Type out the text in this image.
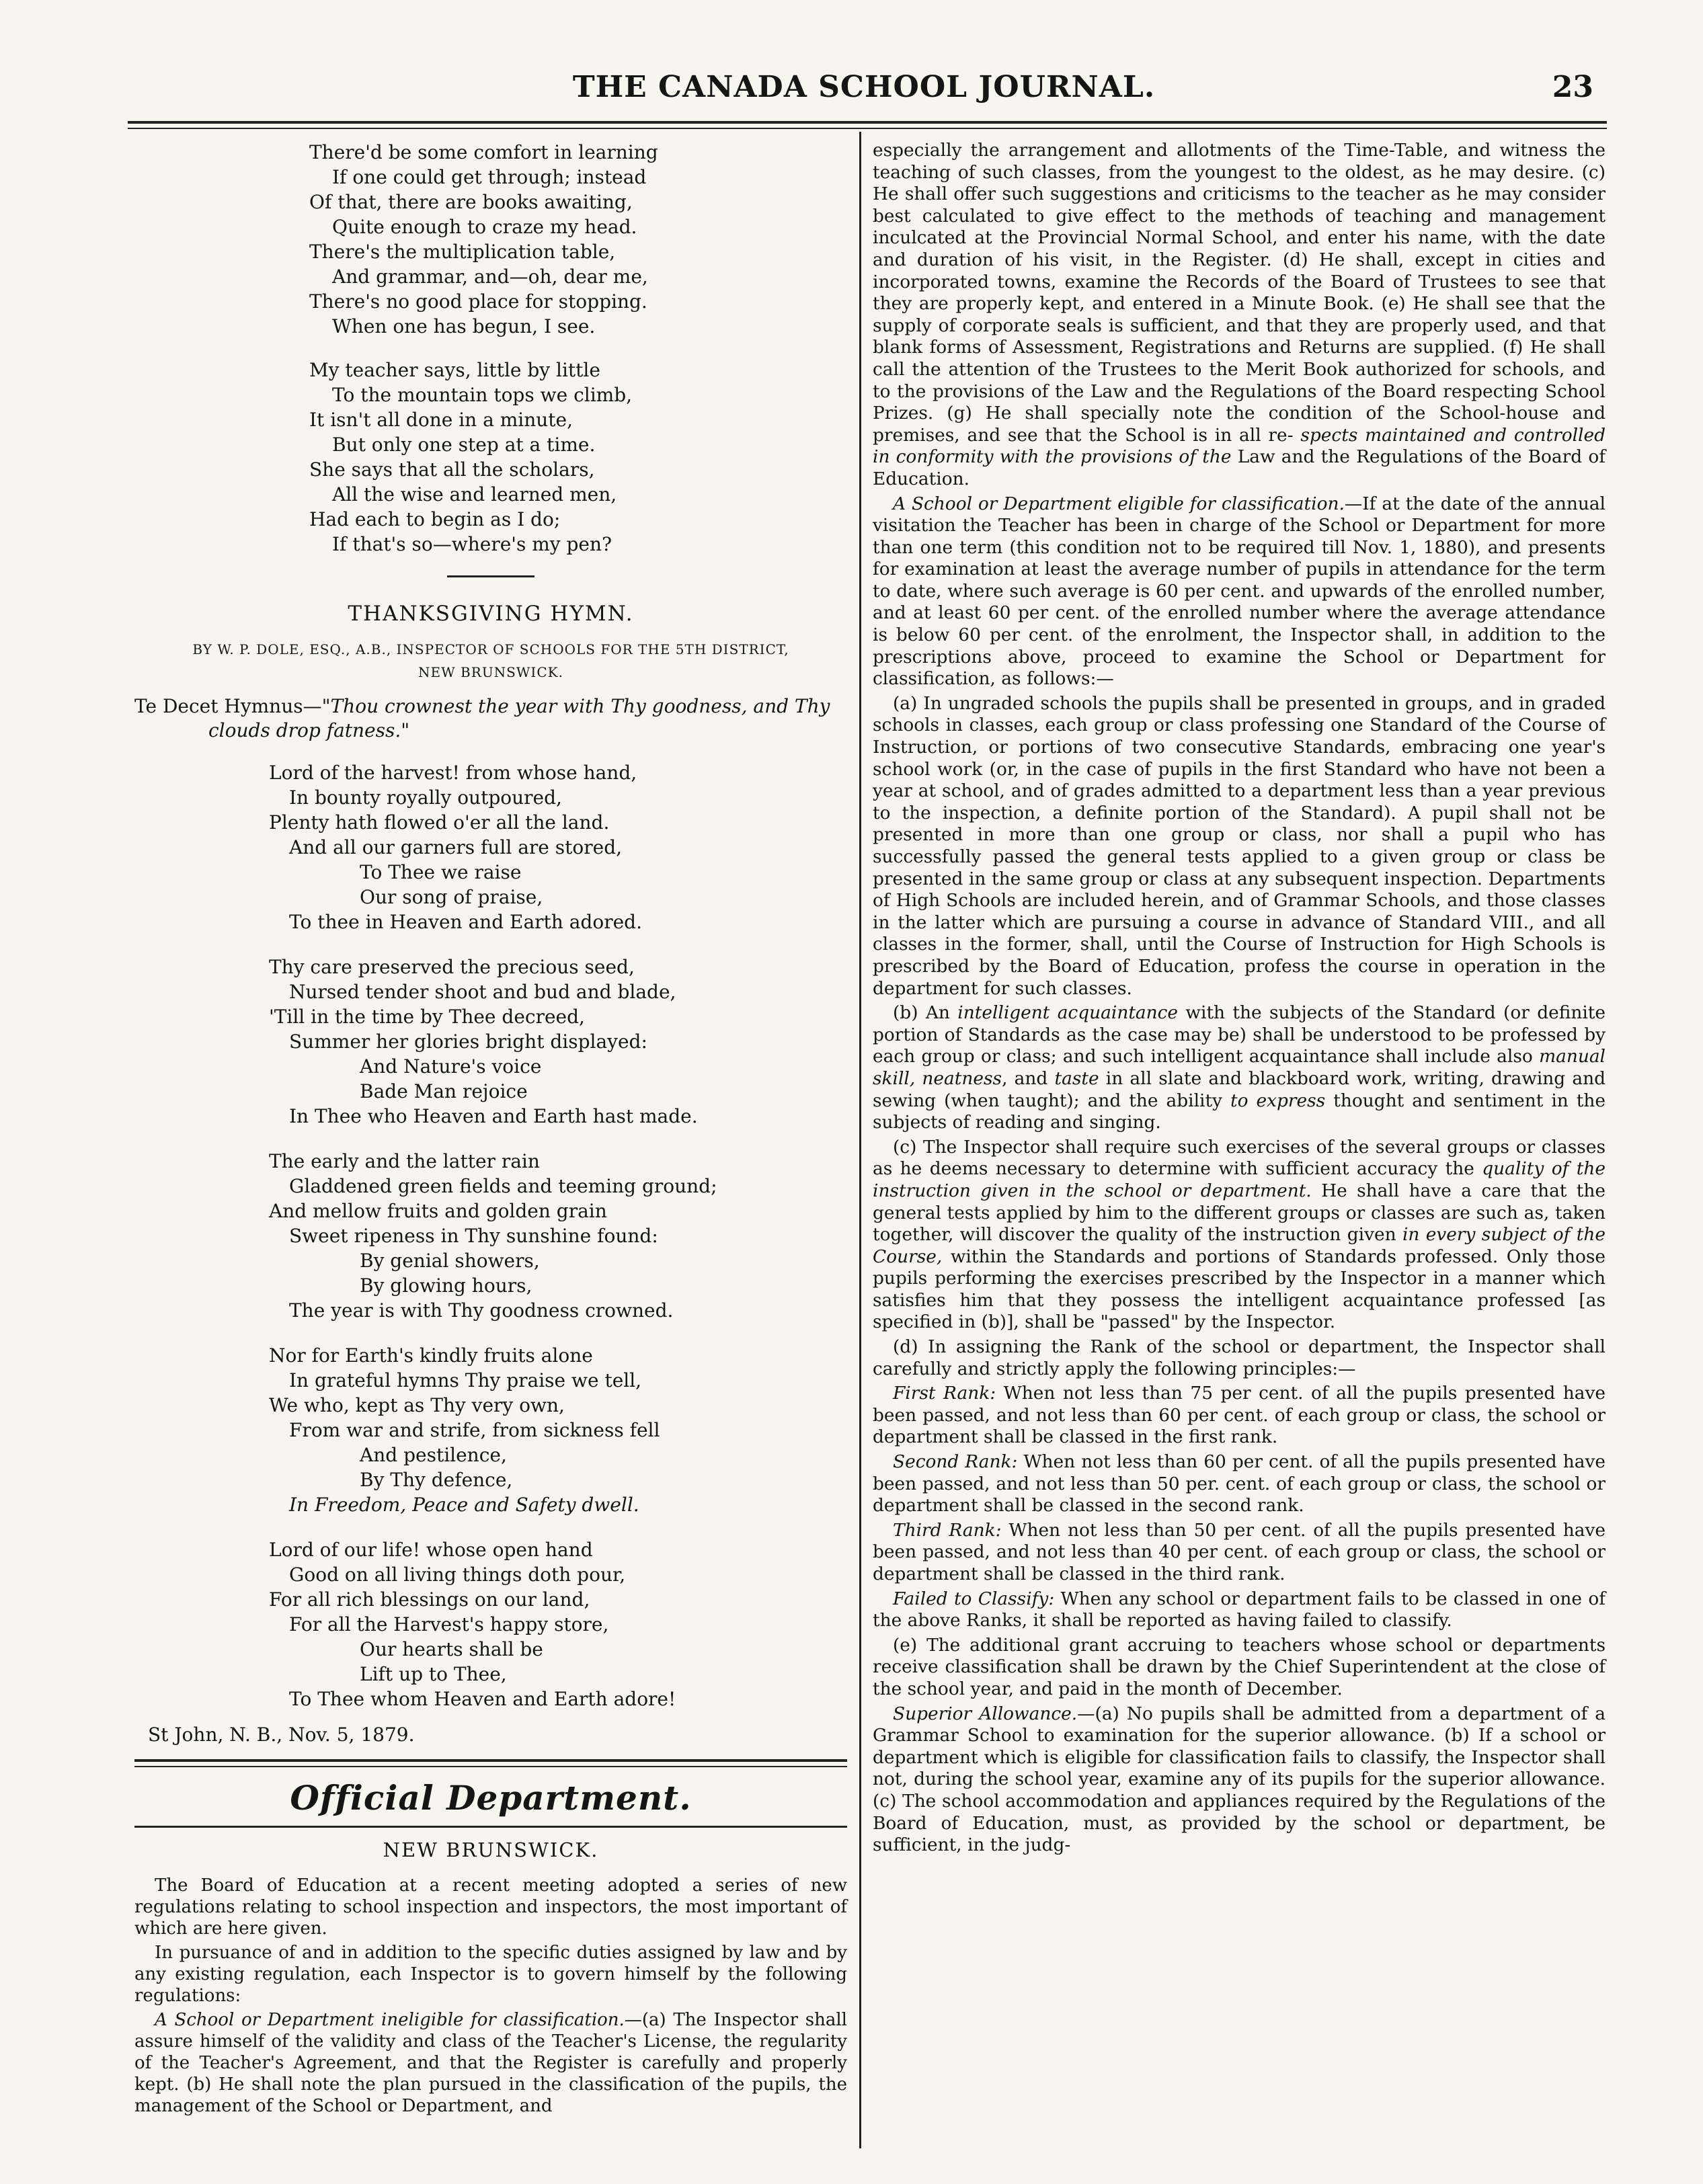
THE CANADA SCHOOL JOURNAL.	23
There'd be some comfort in learning
If one could get through; instead
Of that, there are books awaiting,
Quite enough to craze my head.
There's the multiplication table,
And grammar, and—oh, dear me,
There's no good place for stopping.
When one has begun, I see.
My teacher says, little by little
To the mountain tops we climb,
It isn't all done in a minute,
But only one step at a time.
She says that all the scholars,
All the wise and learned men,
Had each to begin as I do;
If that's so—where's my pen?
THANKSGIVING HYMN.
BY W. P. DOLE, ESQ., A.B., INSPECTOR OF SCHOOLS FOR THE 5TH DISTRICT,
NEW BRUNSWICK.
Te Decet Hymnus—"Thou crownest the year with Thy goodness, and Thy clouds drop fatness."
Lord of the harvest! from whose hand,
In bounty royally outpoured,
Plenty hath flowed o'er all the land.
And all our garners full are stored,
To Thee we raise
Our song of praise,
To thee in Heaven and Earth adored.
Thy care preserved the precious seed,
Nursed tender shoot and bud and blade,
'Till in the time by Thee decreed,
Summer her glories bright displayed:
And Nature's voice
Bade Man rejoice
In Thee who Heaven and Earth hast made.
The early and the latter rain
Gladdened green fields and teeming ground;
And mellow fruits and golden grain
Sweet ripeness in Thy sunshine found:
By genial showers,
By glowing hours,
The year is with Thy goodness crowned.
Nor for Earth's kindly fruits alone
In grateful hymns Thy praise we tell,
We who, kept as Thy very own,
From war and strife, from sickness fell
And pestilence,
By Thy defence,
In Freedom, Peace and Safety dwell.
Lord of our life! whose open hand
Good on all living things doth pour,
For all rich blessings on our land,
For all the Harvest's happy store,
Our hearts shall be
Lift up to Thee,
To Thee whom Heaven and Earth adore!
St John, N. B., Nov. 5, 1879.
Official Department.
NEW BRUNSWICK.

The Board of Education at a recent meeting adopted a series of new regulations relating to school inspection and inspectors, the most important of which are here given.

In pursuance of and in addition to the specific duties assigned by law and by any existing regulation, each Inspector is to govern himself by the following regulations:

A School or Department ineligible for classification.—(a) The Inspector shall assure himself of the validity and class of the Teacher's License, the regularity of the Teacher's Agreement, and that the Register is carefully and properly kept. (b) He shall note the plan pursued in the classification of the pupils, the management of the School or Department, and

especially the arrangement and allotments of the Time-Table, and witness the teaching of such classes, from the youngest to the oldest, as he may desire. (c) He shall offer such suggestions and criticisms to the teacher as he may consider best calculated to give effect to the methods of teaching and management inculcated at the Provincial Normal School, and enter his name, with the date and duration of his visit, in the Register. (d) He shall, except in cities and incorporated towns, examine the Records of the Board of Trustees to see that they are properly kept, and entered in a Minute Book. (e) He shall see that the supply of corporate seals is sufficient, and that they are properly used, and that blank forms of Assessment, Registrations and Returns are supplied. (f) He shall call the attention of the Trustees to the Merit Book authorized for schools, and to the provisions of the Law and the Regulations of the Board respecting School Prizes. (g) He shall specially note the condition of the School-house and premises, and see that the School is in all re- spects maintained and controlled in conformity with the provisions of the Law and the Regulations of the Board of Education.

A School or Department eligible for classification.—If at the date of the annual visitation the Teacher has been in charge of the School or Department for more than one term (this condition not to be required till Nov. 1, 1880), and presents for examination at least the average number of pupils in attendance for the term to date, where such average is 60 per cent. and upwards of the enrolled number, and at least 60 per cent. of the enrolled number where the average attendance is below 60 per cent. of the enrolment, the Inspector shall, in addition to the prescriptions above, proceed to examine the School or Department for classification, as follows:—

(a) In ungraded schools the pupils shall be presented in groups, and in graded schools in classes, each group or class professing one Standard of the Course of Instruction, or portions of two consecutive Standards, embracing one year's school work (or, in the case of pupils in the first Standard who have not been a year at school, and of grades admitted to a department less than a year previous to the inspection, a definite portion of the Standard). A pupil shall not be presented in more than one group or class, nor shall a pupil who has successfully passed the general tests applied to a given group or class be presented in the same group or class at any subsequent inspection. Departments of High Schools are included herein, and of Grammar Schools, and those classes in the latter which are pursuing a course in advance of Standard VIII., and all classes in the former, shall, until the Course of Instruction for High Schools is prescribed by the Board of Education, profess the course in operation in the department for such classes.

(b) An intelligent acquaintance with the subjects of the Standard (or definite portion of Standards as the case may be) shall be understood to be professed by each group or class; and such intelligent acquaintance shall include also manual skill, neatness, and taste in all slate and blackboard work, writing, drawing and sewing (when taught); and the ability to express thought and sentiment in the subjects of reading and singing.

(c) The Inspector shall require such exercises of the several groups or classes as he deems necessary to determine with sufficient accuracy the quality of the instruction given in the school or department. He shall have a care that the general tests applied by him to the different groups or classes are such as, taken together, will discover the quality of the instruction given in every subject of the Course, within the Standards and portions of Standards professed. Only those pupils performing the exercises prescribed by the Inspector in a manner which satisfies him that they possess the intelligent acquaintance professed [as specified in (b)], shall be "passed" by the Inspector.

(d) In assigning the Rank of the school or department, the Inspector shall carefully and strictly apply the following principles:—

First Rank: When not less than 75 per cent. of all the pupils presented have been passed, and not less than 60 per cent. of each group or class, the school or department shall be classed in the first rank.

Second Rank: When not less than 60 per cent. of all the pupils presented have been passed, and not less than 50 per. cent. of each group or class, the school or department shall be classed in the second rank.

Third Rank: When not less than 50 per cent. of all the pupils presented have been passed, and not less than 40 per cent. of each group or class, the school or department shall be classed in the third rank.

Failed to Classify: When any school or department fails to be classed in one of the above Ranks, it shall be reported as having failed to classify.

(e) The additional grant accruing to teachers whose school or departments receive classification shall be drawn by the Chief Superintendent at the close of the school year, and paid in the month of December.

Superior Allowance.—(a) No pupils shall be admitted from a department of a Grammar School to examination for the superior allowance. (b) If a school or department which is eligible for classification fails to classify, the Inspector shall not, during the school year, examine any of its pupils for the superior allowance. (c) The school accommodation and appliances required by the Regulations of the Board of Education, must, as provided by the school or department, be sufficient, in the judg-
